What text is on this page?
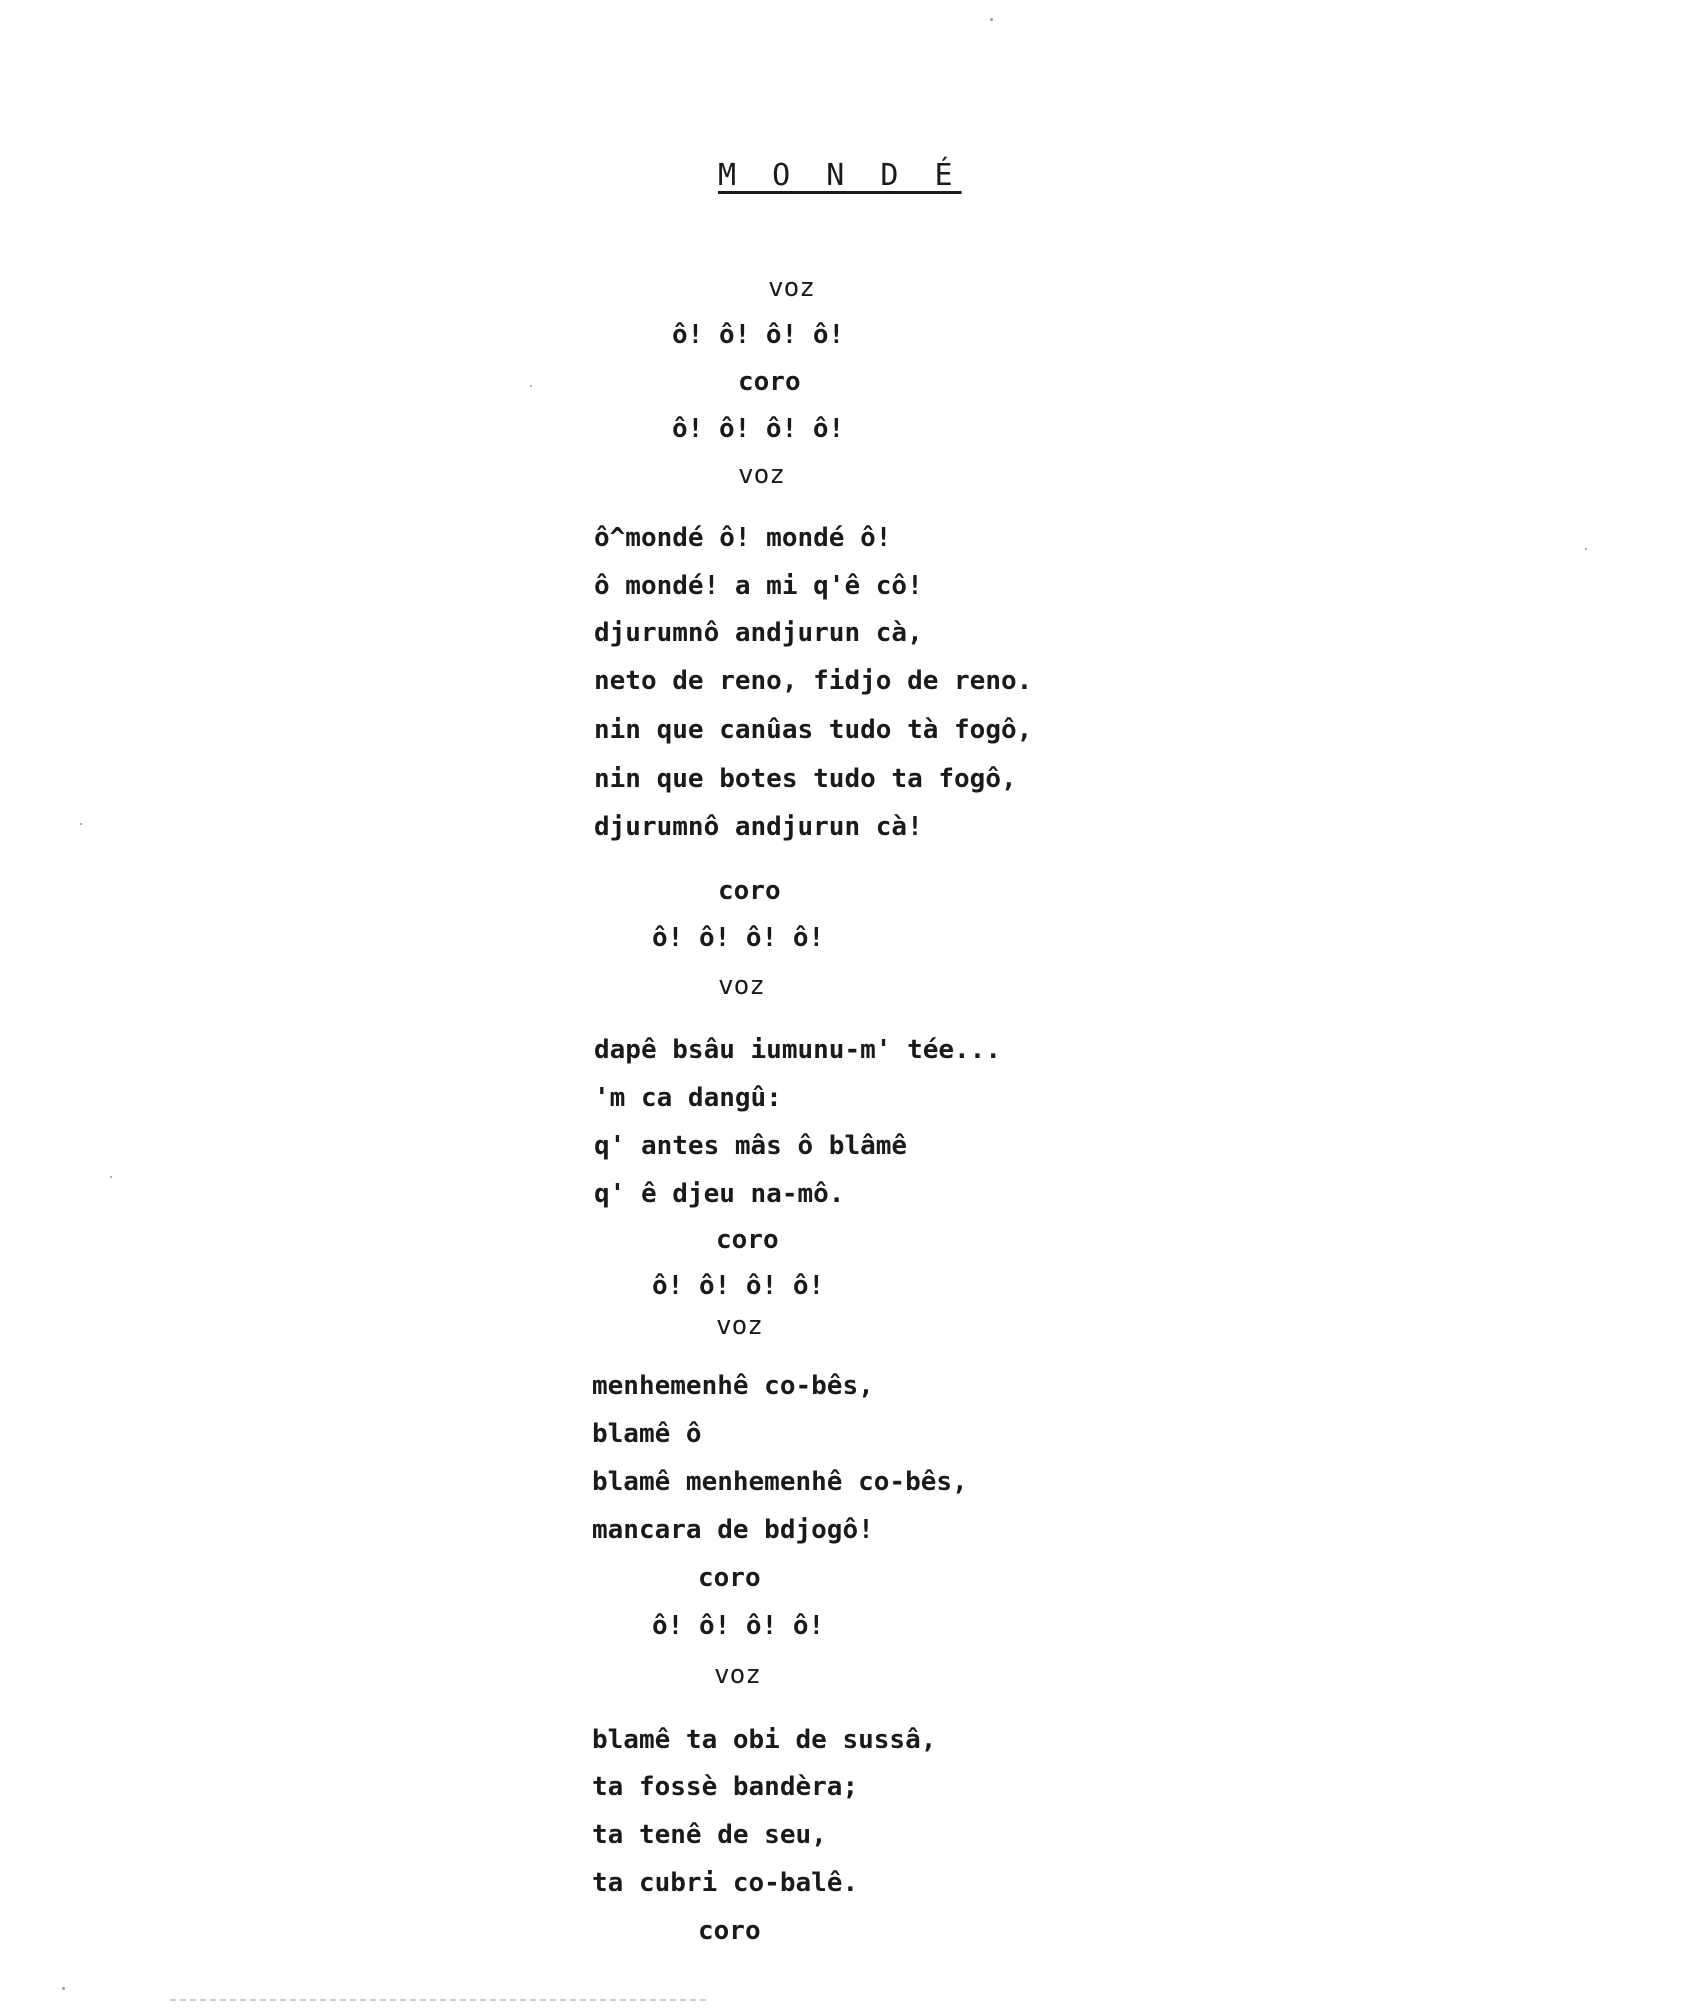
M O N D É
voz
ô! ô! ô! ô!
coro
ô! ô! ô! ô!
voz
ô^mondé ô! mondé ô!
ô mondé! a mi q'ê cô!
djurumnô andjurun cà,
neto de reno, fidjo de reno.
nin que canûas tudo tà fogô,
nin que botes tudo ta fogô,
djurumnô andjurun cà!
coro
ô! ô! ô! ô!
voz
dapê bsâu iumunu-m' tée...
'm ca dangû:
q' antes mâs ô blâmê
q' ê djeu na-mô.
coro
ô! ô! ô! ô!
voz
menhemenhê co-bês,
blamê ô
blamê menhemenhê co-bês,
mancara de bdjogô!
coro
ô! ô! ô! ô!
voz
blamê ta obi de sussâ,
ta fossè bandèra;
ta tenê de seu,
ta cubri co-balê.
coro
